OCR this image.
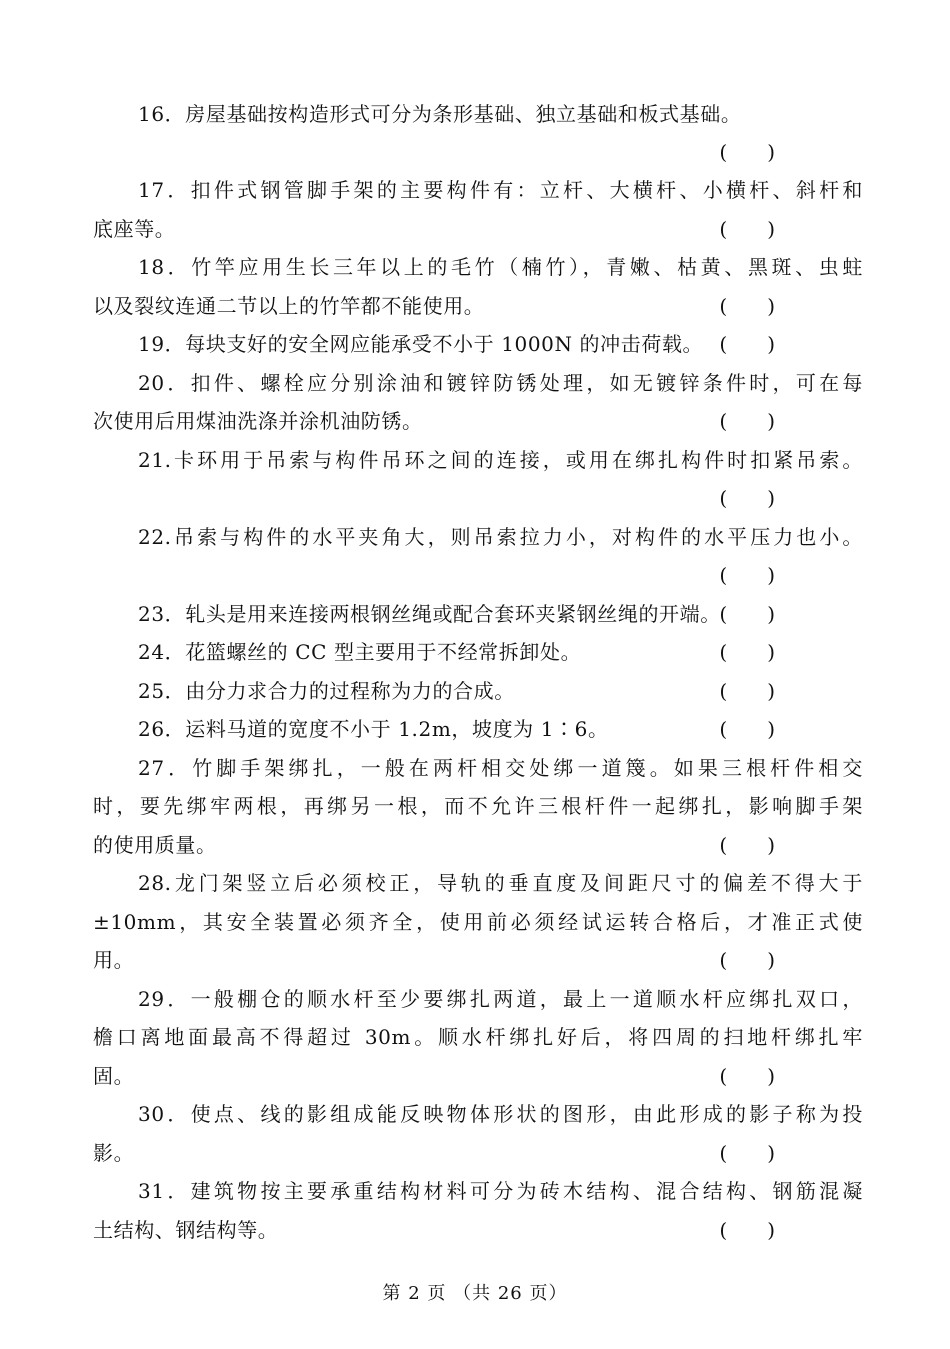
16．房屋基础按构造形式可分为条形基础、独立基础和板式基础。
(　　)
17．扣件式钢管脚手架的主要构件有：立杆、大横杆、小横杆、斜杆和
底座等。	(　　)
18．竹竿应用生长三年以上的毛竹（楠竹），青嫩、枯黄、黑斑、虫蛀
以及裂纹连通二节以上的竹竿都不能使用。	(　　)
19．每块支好的安全网应能承受不小于 1000N 的冲击荷载。 (　　)
20．扣件、螺栓应分别涂油和镀锌防锈处理，如无镀锌条件时，可在每
次使用后用煤油洗涤并涂机油防锈。	(　　)
21.卡环用于吊索与构件吊环之间的连接，或用在绑扎构件时扣紧吊索。
(　　)
22.吊索与构件的水平夹角大，则吊索拉力小，对构件的水平压力也小。
(　　)
23．轧头是用来连接两根钢丝绳或配合套环夹紧钢丝绳的开端。
(　　)
24．花篮螺丝的 CC 型主要用于不经常拆卸处。	(　　)
25．由分力求合力的过程称为力的合成。	(　　)
26．运料马道的宽度不小于 1.2m，坡度为 1∶6。	(　　)
27．竹脚手架绑扎，一般在两杆相交处绑一道篾。如果三根杆件相交
时，要先绑牢两根，再绑另一根，而不允许三根杆件一起绑扎，影响脚手架
的使用质量。	(　　)
28.龙门架竖立后必须校正，导轨的垂直度及间距尺寸的偏差不得大于
±10mm，其安全装置必须齐全，使用前必须经试运转合格后，才准正式使
用。	(　　)
29．一般棚仓的顺水杆至少要绑扎两道，最上一道顺水杆应绑扎双口，
檐口离地面最高不得超过 30m。顺水杆绑扎好后，将四周的扫地杆绑扎牢
固。	(　　)
30．使点、线的影组成能反映物体形状的图形，由此形成的影子称为投
影。	(　　)
31．建筑物按主要承重结构材料可分为砖木结构、混合结构、钢筋混凝
土结构、钢结构等。	(　　)
第 2 页 （共 26 页）
